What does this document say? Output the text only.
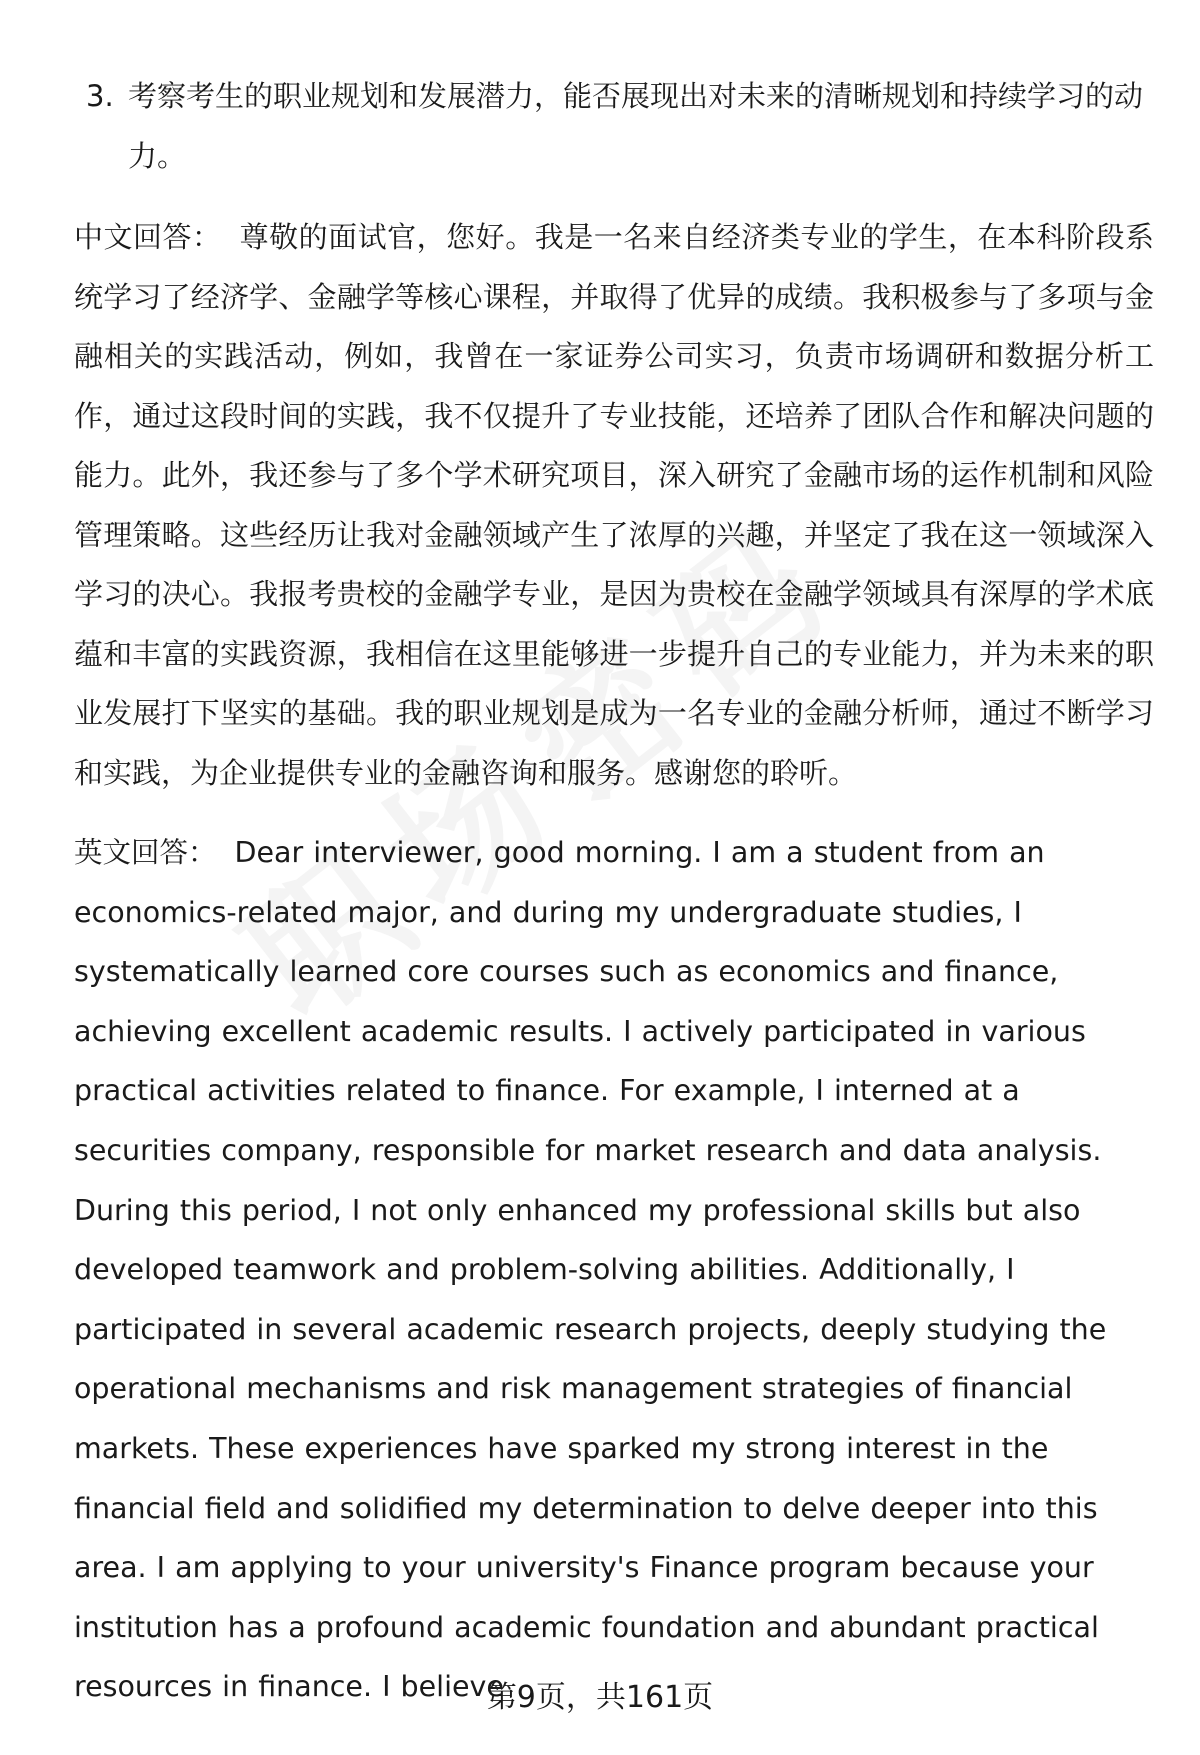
3. 考察考生的职业规划和发展潜力，能否展现出对未来的清晰规划和持续学习的动力。

中文回答： 尊敬的面试官，您好。我是一名来自经济类专业的学生，在本科阶段系统学习了经济学、金融学等核心课程，并取得了优异的成绩。我积极参与了多项与金融相关的实践活动，例如，我曾在一家证券公司实习，负责市场调研和数据分析工作，通过这段时间的实践，我不仅提升了专业技能，还培养了团队合作和解决问题的能力。此外，我还参与了多个学术研究项目，深入研究了金融市场的运作机制和风险管理策略。这些经历让我对金融领域产生了浓厚的兴趣，并坚定了我在这一领域深入学习的决心。我报考贵校的金融学专业，是因为贵校在金融学领域具有深厚的学术底蕴和丰富的实践资源，我相信在这里能够进一步提升自己的专业能力，并为未来的职业发展打下坚实的基础。我的职业规划是成为一名专业的金融分析师，通过不断学习和实践，为企业提供专业的金融咨询和服务。感谢您的聆听。

英文回答： Dear interviewer, good morning. I am a student from an economics-related major, and during my undergraduate studies, I systematically learned core courses such as economics and finance, achieving excellent academic results. I actively participated in various practical activities related to finance. For example, I interned at a securities company, responsible for market research and data analysis. During this period, I not only enhanced my professional skills but also developed teamwork and problem-solving abilities. Additionally, I participated in several academic research projects, deeply studying the operational mechanisms and risk management strategies of financial markets. These experiences have sparked my strong interest in the financial field and solidified my determination to delve deeper into this area. I am applying to your university's Finance program because your institution has a profound academic foundation and abundant practical resources in finance. I believe

第9页，共161页
